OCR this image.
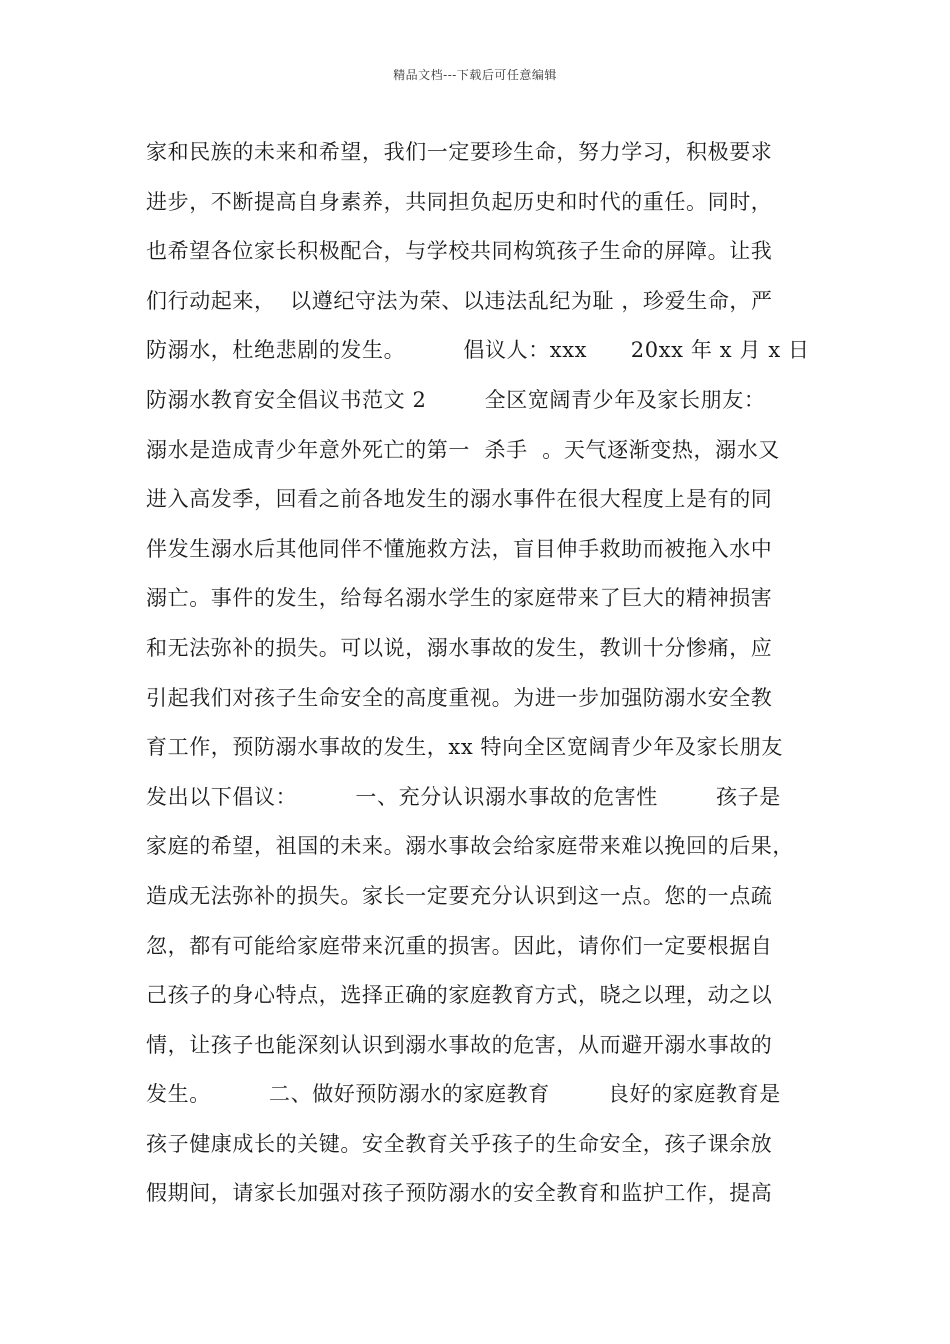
精品文档---下载后可任意编辑
家和民族的未来和希望，我们一定要珍生命，努力学习，积极要求
进步，不断提高自身素养，共同担负起历史和时代的重任。同时，
也希望各位家长积极配合，与学校共同构筑孩子生命的屏障。让我
们行动起来，  以遵纪守法为荣、以违法乱纪为耻 ，珍爱生命，严
防溺水，杜绝悲剧的发生。        倡议人：xxx      20xx 年 x 月 x 日
防溺水教育安全倡议书范文 2        全区宽阔青少年及家长朋友：
溺水是造成青少年意外死亡的第一  杀手  。天气逐渐变热，溺水又
进入高发季，回看之前各地发生的溺水事件在很大程度上是有的同
伴发生溺水后其他同伴不懂施救方法，盲目伸手救助而被拖入水中
溺亡。事件的发生，给每名溺水学生的家庭带来了巨大的精神损害
和无法弥补的损失。可以说，溺水事故的发生，教训十分惨痛，应
引起我们对孩子生命安全的高度重视。为进一步加强防溺水安全教
育工作，预防溺水事故的发生，xx 特向全区宽阔青少年及家长朋友
发出以下倡议：        一、充分认识溺水事故的危害性        孩子是
家庭的希望，祖国的未来。溺水事故会给家庭带来难以挽回的后果，
造成无法弥补的损失。家长一定要充分认识到这一点。您的一点疏
忽，都有可能给家庭带来沉重的损害。因此，请你们一定要根据自
己孩子的身心特点，选择正确的家庭教育方式，晓之以理，动之以
情，让孩子也能深刻认识到溺水事故的危害，从而避开溺水事故的
发生。        二、做好预防溺水的家庭教育        良好的家庭教育是
孩子健康成长的关键。安全教育关乎孩子的生命安全，孩子课余放
假期间，请家长加强对孩子预防溺水的安全教育和监护工作，提高
